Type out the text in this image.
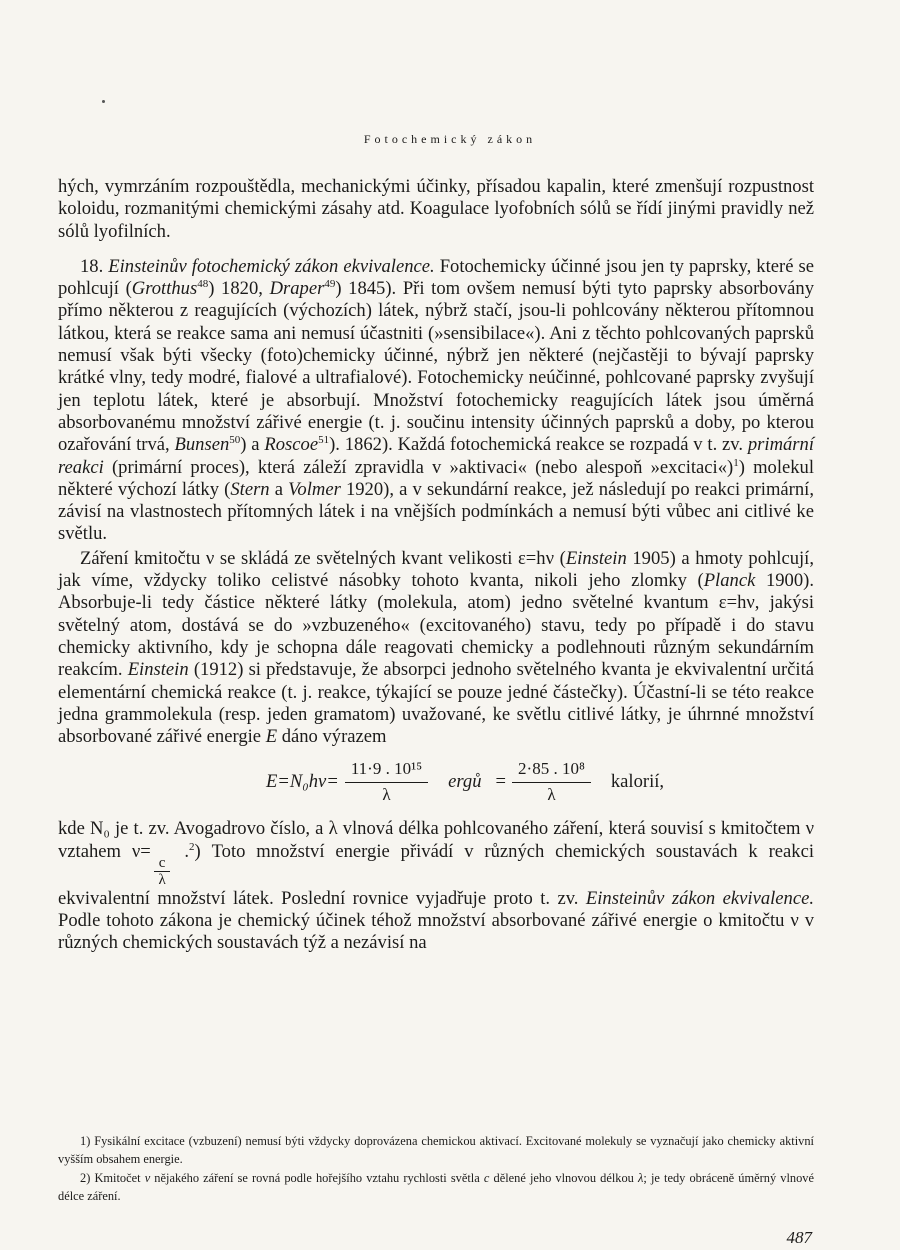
Fotochemický zákon

hých, vymrzáním rozpouštědla, mechanickými účinky, přísadou kapalin, které zmenšují rozpustnost koloidu, rozmanitými chemickými zásahy atd. Koagulace lyofobních sólů se řídí jinými pravidly než sólů lyofilních.

18. Einsteinův fotochemický zákon ekvivalence. Fotochemicky účinné jsou jen ty paprsky, které se pohlcují (Grotthus$^{48}$) 1820, Draper$^{49}$) 1845). Při tom ovšem nemusí býti tyto paprsky absorbovány přímo některou z reagujících (výchozích) látek, nýbrž stačí, jsou-li pohlcovány některou přítomnou látkou, která se reakce sama ani nemusí účastniti (»sensibilace«). Ani z těchto pohlcovaných paprsků nemusí však býti všecky (foto)chemicky účinné, nýbrž jen některé (nejčastěji to bývají paprsky krátké vlny, tedy modré, fialové a ultrafialové). Fotochemicky neúčinné, pohlcované paprsky zvyšují jen teplotu látek, které je absorbují. Množství fotochemicky reagujících látek jsou úměrná absorbovanému množství zářivé energie (t. j. součinu intensity účinných paprsků a doby, po kterou ozařování trvá, Bunsen$^{50}$) a Roscoe$^{51}$). 1862). Každá fotochemická reakce se rozpadá v t. zv. primární reakci (primární proces), která záleží zpravidla v »aktivaci« (nebo alespoň »excitaci«)$^1$) molekul některé výchozí látky (Stern a Volmer 1920), a v sekundární reakce, jež následují po reakci primární, závisí na vlastnostech přítomných látek i na vnějších podmínkách a nemusí býti vůbec ani citlivé ke světlu.

Záření kmitočtu ν se skládá ze světelných kvant velikosti ε=hν (Einstein 1905) a hmoty pohlcují, jak víme, vždycky toliko celistvé násobky tohoto kvanta, nikoli jeho zlomky (Planck 1900). Absorbuje-li tedy částice některé látky (molekula, atom) jedno světelné kvantum ε=hν, jakýsi světelný atom, dostává se do »vzbuzeného« (excitovaného) stavu, tedy po případě i do stavu chemicky aktivního, kdy je schopna dále reagovati chemicky a podlehnouti různým sekundárním reakcím. Einstein (1912) si představuje, že absorpci jednoho světelného kvanta je ekvivalentní určitá elementární chemická reakce (t. j. reakce, týkající se pouze jedné částečky). Účastní-li se této reakce jedna grammolekula (resp. jeden gramatom) uvažované, ke světlu citlivé látky, je úhrnné množství absorbované zářivé energie E dáno výrazem

$E=N_0h\nu= \frac{\text{11·9 . 10¹⁵}}{\lambda}$ ergů = $\frac{\text{2·85 . 10⁸}}{\lambda}$ kalorií,

kde N₀ je t. zv. Avogadrovo číslo, a λ vlnová délka pohlcovaného záření, která souvisí s kmitočtem ν vztahem ν=
$\frac{c}{\lambda}$
.$^2$) Toto množství energie přivádí v různých chemických soustavách k reakci ekvivalentní množství látek. Poslední rovnice vyjadřuje proto t. zv. Einsteinův zákon ekvivalence. Podle tohoto zákona je chemický účinek téhož množství absorbované zářivé energie o kmitočtu ν v různých chemických soustavách týž a nezávisí na

1) Fysikální excitace (vzbuzení) nemusí býti vždycky doprovázena chemickou aktivací. Excitované molekuly se vyznačují jako chemicky aktivní vyšším obsahem energie.

2) Kmitočet ν nějakého záření se rovná podle hořejšího vztahu rychlosti světla c dělené jeho vlnovou délkou λ; je tedy obráceně úměrný vlnové délce záření.

487
